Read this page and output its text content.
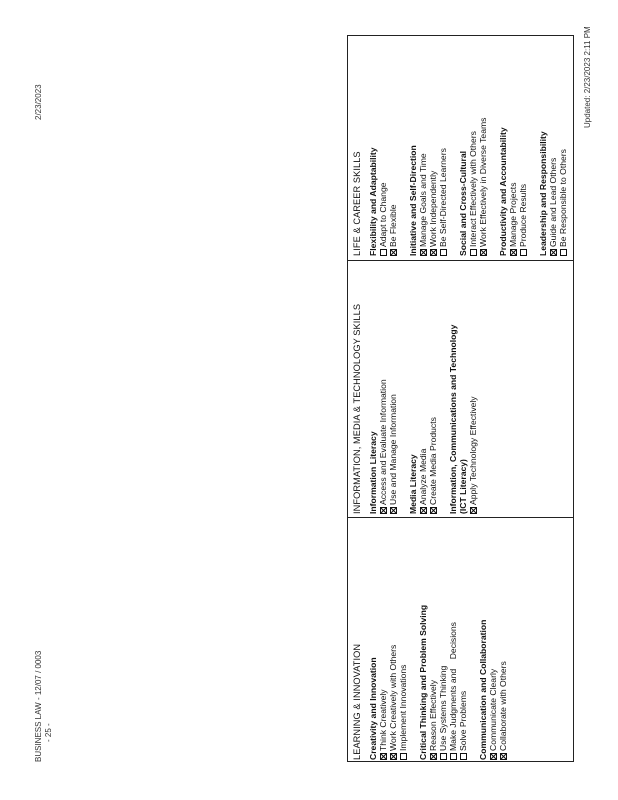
Updated: 2/23/2023 2:11 PM
LEARNING & INNOVATION Creativity and Innovation Think Creatively Work Creatively with Others Implement Innovations Critical Thinking and Problem Solving Reason Effectively Use Systems Thinking Make Judgments and    Decisions Solve Problems Communication and Collaboration Communicate Clearly Collaborate with Others
INFORMATION, MEDIA & TECHNOLOGY SKILLS Information Literacy Access and Evaluate Information Use and Manage Information Media Literacy Analyze Media Create Media Products Information, Communications and Technology (ICT Literacy) Apply Technology Effectively
LIFE & CAREER SKILLS Flexibility and Adaptability Adapt to Change Be Flexible Initiative and Self-Direction Manage Goals and Time Work Independently Be Self-Directed Learners Social and Cross-Cultural Interact Effectively with Others Work Effectively in Diverse Teams Productivity and Accountability Manage Projects Produce Results Leadership and Responsibility Guide and Lead Others Be Responsible to Others
BUSINESS LAW - 12/07 / 0003 - 25 -
2/23/2023
